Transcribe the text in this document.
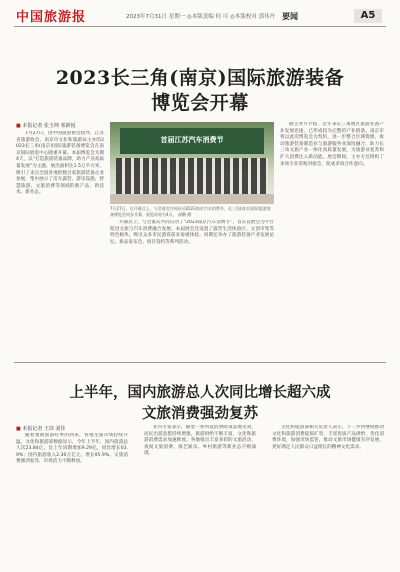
中国旅游报	2023年7月31日 星期一 ◎本版责编 何 可 ◎本版校对 郭伟丹 要闻	A5
2023长三角(南京)国际旅游装备
博览会开幕
■ 本报记者 张玉坤 邓新悦

7月27日，由中国旅游协会指导，江苏省旅游协会、南京市文化和旅游局主办的2023长三角(南京)国际旅游装备博览会在南京国际展览中心隆重开幕。本届博览会为期4天，以“打造旅游装备品牌，助力产业高质量发展”为主题，展出面积达1.5万平方米，吸引了来自全国各地的数百家旅游装备企业参展，集中展示了房车露营、游乐设施、智慧旅游、文旅消费等领域的新产品、新技术、新业态。

首届江苏汽车消费节
7月27日，在开幕式上，与会嘉宾共同启动2023南京汽车消费节，长三角(南京)国际旅游装备博览会同步开幕，展览时间为4天。 郝鹏 摄

开幕式上，与会嘉宾共同启动了“2023南京汽车消费节”，旨在以展会为平台促进文旅与汽车消费融合发展。本届展会还设置了露营生活体验区、文创市集等特色板块，吸引众多市民游客前来参观体验。同期还举办了旅游装备产业发展论坛、新品发布会、项目签约等系列活动。

据主办方介绍，近年来长三角地区旅游装备产业发展迅速，已形成较为完整的产业链条。南京市将以此次博览会为契机，进一步整合区域资源，推动旅游装备制造业与旅游服务业深度融合，助力长三角文旅产业一体化高质量发展，为旅游业复苏和扩大消费注入新动能。展会期间，主办方还组织了多场专业采购对接会，促成多项合作意向。

上半年，国内旅游总人次同比增长超六成
文旅消费强劲复苏
■ 本报记者 王玮 刘佳

随着暑期旅游旺季的到来，各地文旅市场持续升温。文化和旅游部数据显示，今年上半年，国内旅游总人次23.84亿，比上年同期增加9.29亿，同比增长63.9%；国内旅游收入2.30万亿元，增长95.9%。文旅消费强劲复苏，市场活力不断释放。

业内专家表示，随着一系列促消费政策落地见效，居民出游意愿持续增强，旅游供给不断丰富，文化和旅游消费需求加速释放。各地推出丰富多彩的文旅活动，夜间文旅消费、演艺娱乐、乡村旅游等新业态不断涌现。

文化和旅游部相关负责人表示，下一步将继续推动文化和旅游消费提质扩容，丰富优质产品供给，优化消费环境，加强市场监管，推动文旅市场健康有序发展，更好满足人民群众日益增长的精神文化需求。
